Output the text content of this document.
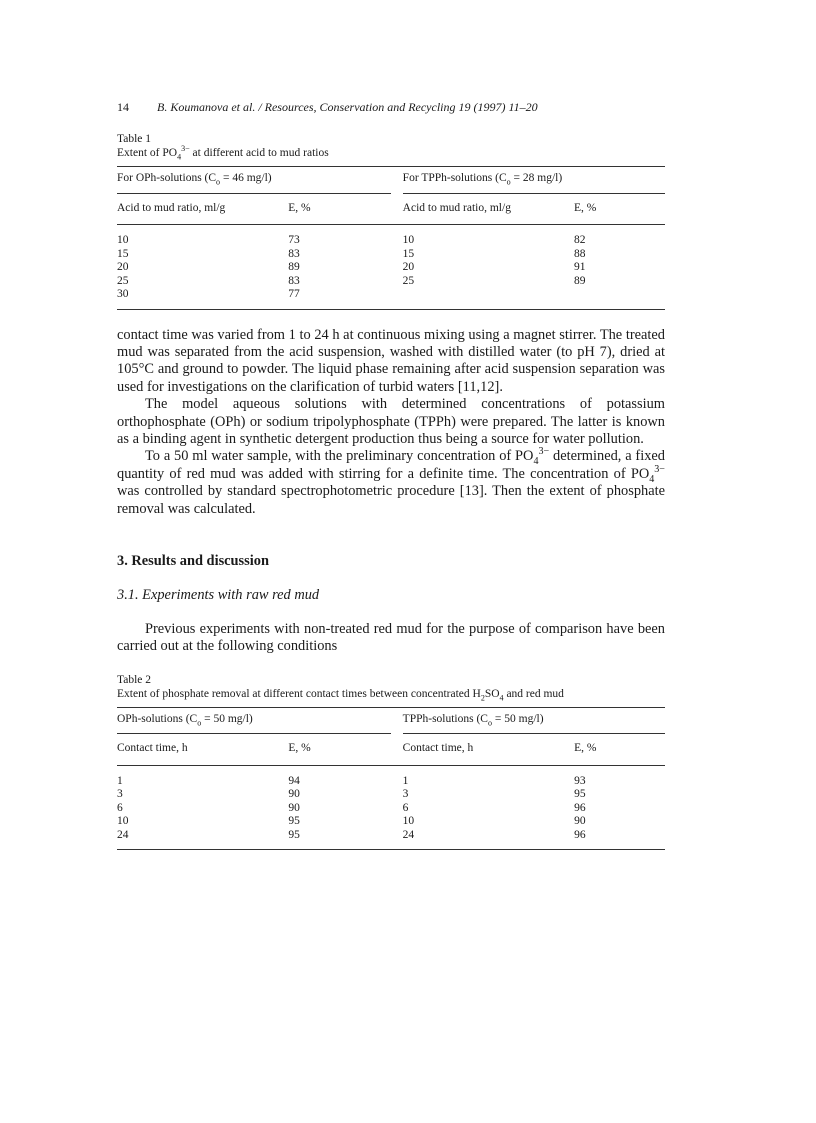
14 B. Koumanova et al. / Resources, Conservation and Recycling 19 (1997) 11–20
Table 1
Extent of $PO_4^{3-}$ at different acid to mud ratios
For OPh-solutions ($C_o = 46$ mg/l)			For TPPh-solutions ($C_o = 28$ mg/l)	
Acid to mud ratio, ml/g	E, %		Acid to mud ratio, ml/g	E, %
10	73		10	82
15	83		15	88
20	89		20	91
25	83		25	89
30	77			

contact time was varied from 1 to 24 h at continuous mixing using a magnet stirrer. The treated mud was separated from the acid suspension, washed with distilled water (to pH 7), dried at 105°C and ground to powder. The liquid phase remaining after acid suspension separation was used for investigations on the clarification of turbid waters [11,12].

The model aqueous solutions with determined concentrations of potassium orthophosphate (OPh) or sodium tripolyphosphate (TPPh) were prepared. The latter is known as a binding agent in synthetic detergent production thus being a source for water pollution.

To a 50 ml water sample, with the preliminary concentration of $PO_4^{3-}$ determined, a fixed quantity of red mud was added with stirring for a definite time. The concentration of $PO_4^{3-}$ was controlled by standard spectrophotometric procedure [13]. Then the extent of phosphate removal was calculated.

3. Results and discussion

3.1. Experiments with raw red mud

Previous experiments with non-treated red mud for the purpose of comparison have been carried out at the following conditions

Table 2
Extent of phosphate removal at different contact times between concentrated $H_2SO_4$ and red mud
OPh-solutions ($C_o = 50$ mg/l)			TPPh-solutions ($C_o = 50$ mg/l)	
Contact time, h	E, %		Contact time, h	E, %
1	94		1	93
3	90		3	95
6	90		6	96
10	95		10	90
24	95		24	96
